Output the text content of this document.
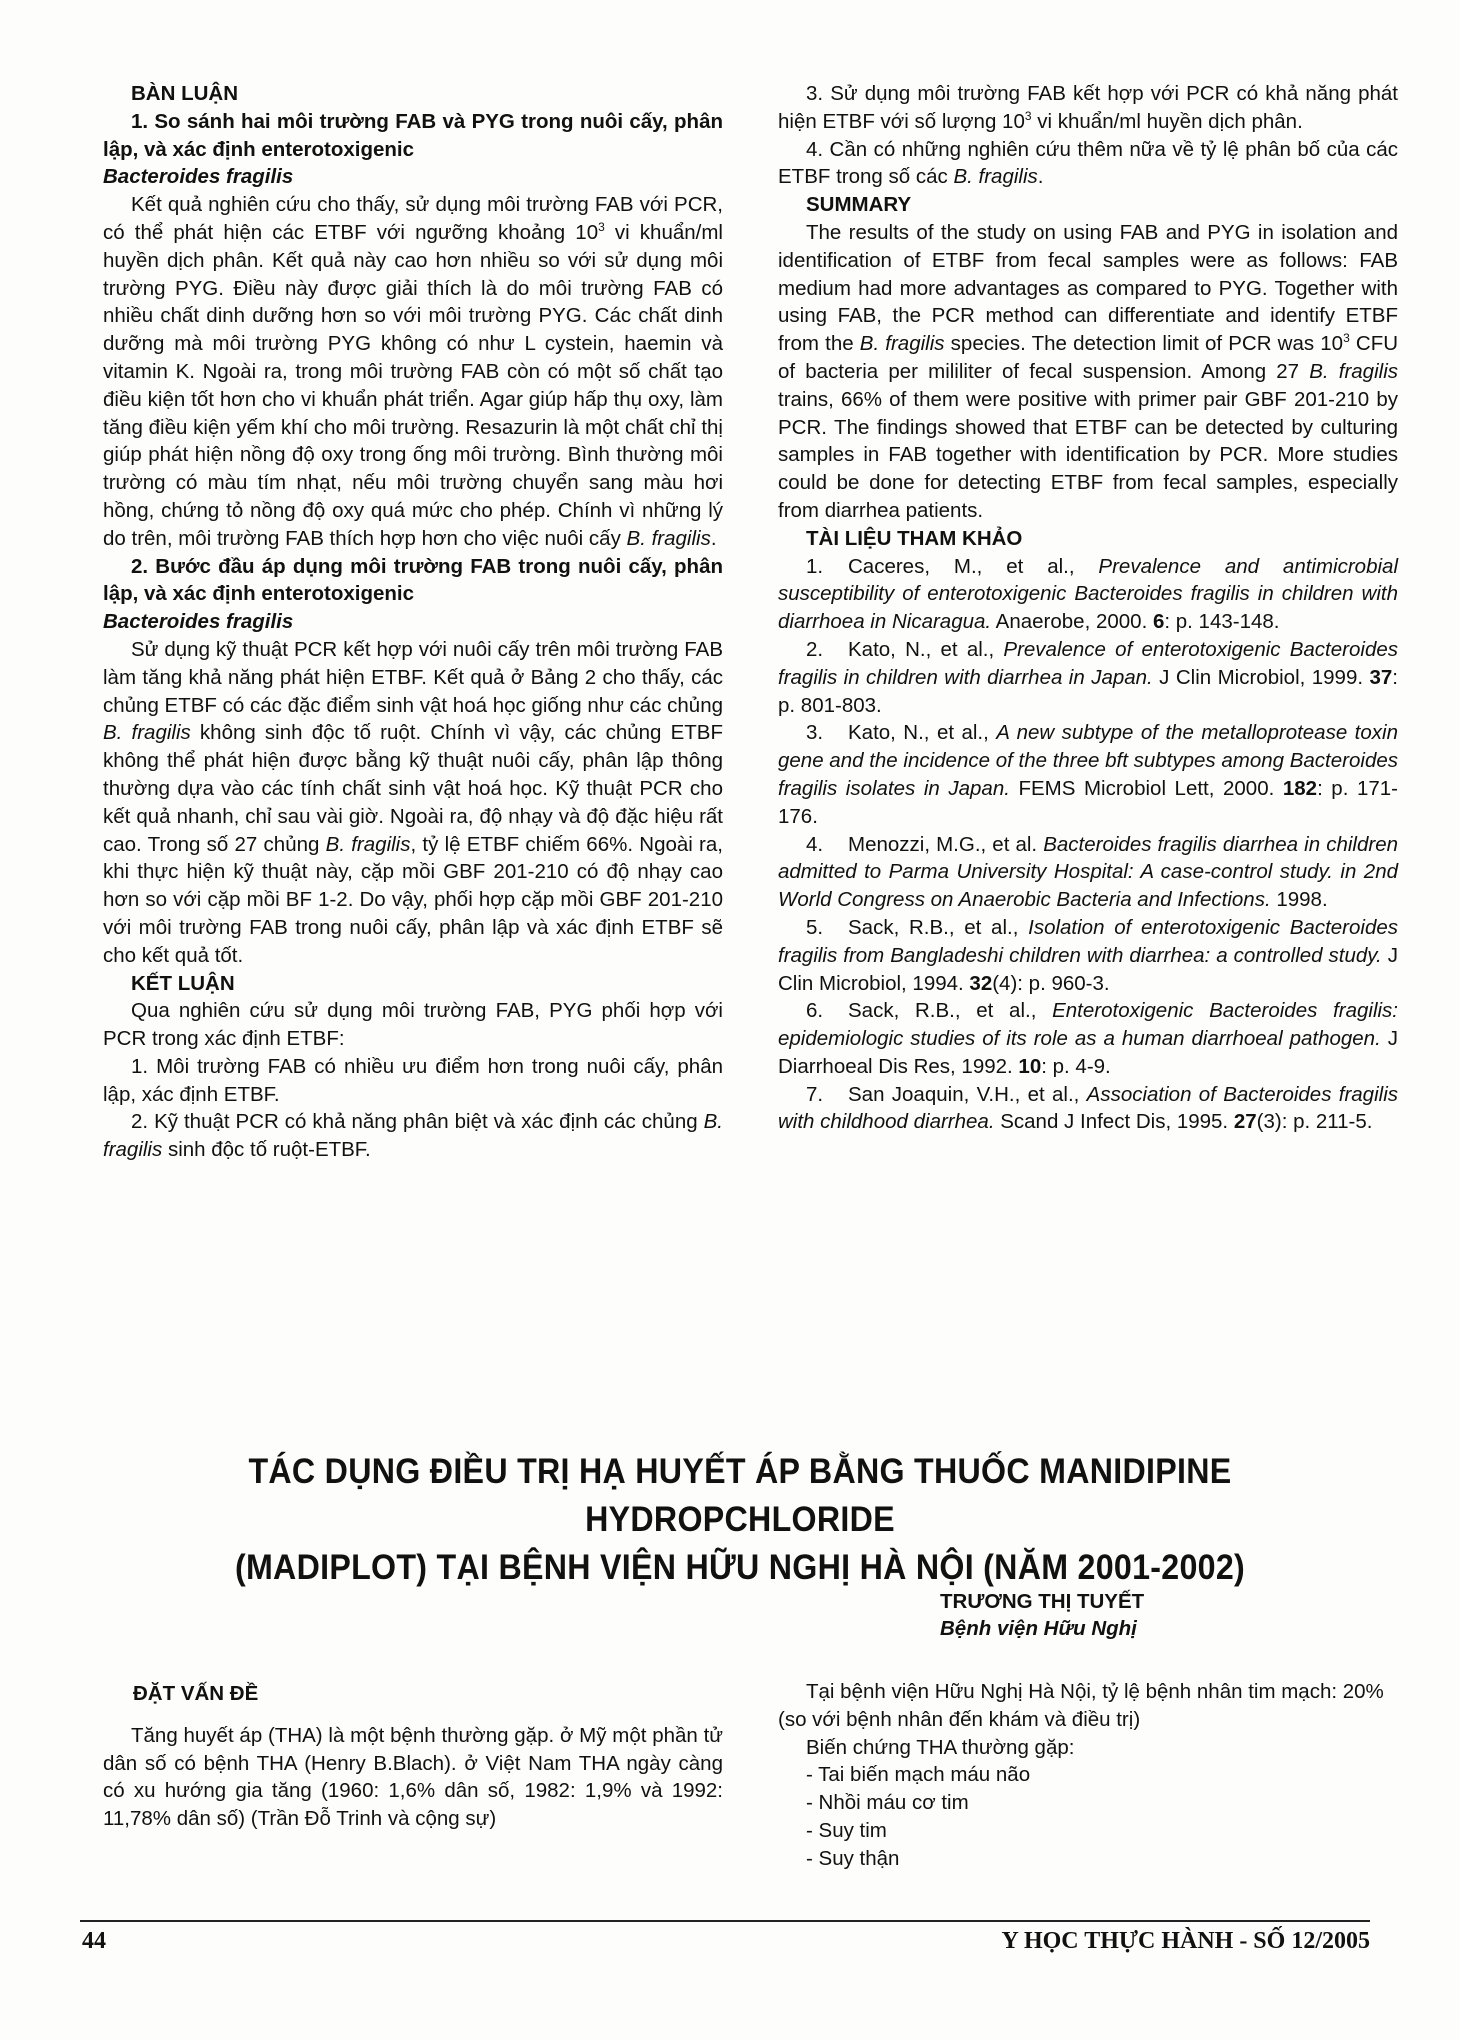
BÀN LUẬN

1. So sánh hai môi trường FAB và PYG trong nuôi cấy, phân lập, và xác định enterotoxigenic
Bacteroides fragilis

Kết quả nghiên cứu cho thấy, sử dụng môi trường FAB với PCR, có thể phát hiện các ETBF với ngưỡng khoảng $10^3$ vi khuẩn/ml huyền dịch phân. Kết quả này cao hơn nhiều so với sử dụng môi trường PYG. Điều này được giải thích là do môi trường FAB có nhiều chất dinh dưỡng hơn so với môi trường PYG. Các chất dinh dưỡng mà môi trường PYG không có như L cystein, haemin và vitamin K. Ngoài ra, trong môi trường FAB còn có một số chất tạo điều kiện tốt hơn cho vi khuẩn phát triển. Agar giúp hấp thụ oxy, làm tăng điều kiện yếm khí cho môi trường. Resazurin là một chất chỉ thị giúp phát hiện nồng độ oxy trong ống môi trường. Bình thường môi trường có màu tím nhạt, nếu môi trường chuyển sang màu hơi hồng, chứng tỏ nồng độ oxy quá mức cho phép. Chính vì những lý do trên, môi trường FAB thích hợp hơn cho việc nuôi cấy B. fragilis.

2. Bước đầu áp dụng môi trường FAB trong nuôi cấy, phân lập, và xác định enterotoxigenic
Bacteroides fragilis

Sử dụng kỹ thuật PCR kết hợp với nuôi cấy trên môi trường FAB làm tăng khả năng phát hiện ETBF. Kết quả ở Bảng 2 cho thấy, các chủng ETBF có các đặc điểm sinh vật hoá học giống như các chủng B. fragilis không sinh độc tố ruột. Chính vì vậy, các chủng ETBF không thể phát hiện được bằng kỹ thuật nuôi cấy, phân lập thông thường dựa vào các tính chất sinh vật hoá học. Kỹ thuật PCR cho kết quả nhanh, chỉ sau vài giờ. Ngoài ra, độ nhạy và độ đặc hiệu rất cao. Trong số 27 chủng B. fragilis, tỷ lệ ETBF chiếm 66%. Ngoài ra, khi thực hiện kỹ thuật này, cặp mồi GBF 201-210 có độ nhạy cao hơn so với cặp mồi BF 1-2. Do vậy, phối hợp cặp mồi GBF 201-210 với môi trường FAB trong nuôi cấy, phân lập và xác định ETBF sẽ cho kết quả tốt.

KẾT LUẬN

Qua nghiên cứu sử dụng môi trường FAB, PYG phối hợp với PCR trong xác định ETBF:

1. Môi trường FAB có nhiều ưu điểm hơn trong nuôi cấy, phân lập, xác định ETBF.

2. Kỹ thuật PCR có khả năng phân biệt và xác định các chủng B. fragilis sinh độc tố ruột-ETBF.

3. Sử dụng môi trường FAB kết hợp với PCR có khả năng phát hiện ETBF với số lượng $10^3$ vi khuẩn/ml huyền dịch phân.

4. Cần có những nghiên cứu thêm nữa về tỷ lệ phân bố của các ETBF trong số các B. fragilis.

SUMMARY

The results of the study on using FAB and PYG in isolation and identification of ETBF from fecal samples were as follows: FAB medium had more advantages as compared to PYG. Together with using FAB, the PCR method can differentiate and identify ETBF from the B. fragilis species. The detection limit of PCR was $10^3$ CFU of bacteria per mililiter of fecal suspension. Among 27 B. fragilis trains, 66% of them were positive with primer pair GBF 201-210 by PCR. The findings showed that ETBF can be detected by culturing samples in FAB together with identification by PCR. More studies could be done for detecting ETBF from fecal samples, especially from diarrhea patients.

TÀI LIỆU THAM KHẢO

1. Caceres, M., et al., Prevalence and antimicrobial susceptibility of enterotoxigenic Bacteroides fragilis in children with diarrhoea in Nicaragua. Anaerobe, 2000. 6: p. 143-148.

2. Kato, N., et al., Prevalence of enterotoxigenic Bacteroides fragilis in children with diarrhea in Japan. J Clin Microbiol, 1999. 37: p. 801-803.

3. Kato, N., et al., A new subtype of the metalloprotease toxin gene and the incidence of the three bft subtypes among Bacteroides fragilis isolates in Japan. FEMS Microbiol Lett, 2000. 182: p. 171-176.

4. Menozzi, M.G., et al. Bacteroides fragilis diarrhea in children admitted to Parma University Hospital: A case-control study. in 2nd World Congress on Anaerobic Bacteria and Infections. 1998.

5. Sack, R.B., et al., Isolation of enterotoxigenic Bacteroides fragilis from Bangladeshi children with diarrhea: a controlled study. J Clin Microbiol, 1994. 32(4): p. 960-3.

6. Sack, R.B., et al., Enterotoxigenic Bacteroides fragilis: epidemiologic studies of its role as a human diarrhoeal pathogen. J Diarrhoeal Dis Res, 1992. 10: p. 4-9.

7. San Joaquin, V.H., et al., Association of Bacteroides fragilis with childhood diarrhea. Scand J Infect Dis, 1995. 27(3): p. 211-5.

TÁC DỤNG ĐIỀU TRỊ HẠ HUYẾT ÁP BẰNG THUỐC MANIDIPINE HYDROPCHLORIDE
(MADIPLOT) TẠI BỆNH VIỆN HỮU NGHỊ HÀ NỘI (NĂM 2001-2002)
TRƯƠNG THỊ TUYẾT
Bệnh viện Hữu Nghị
ĐẶT VẤN ĐỀ

Tăng huyết áp (THA) là một bệnh thường gặp. ở Mỹ một phần tử dân số có bệnh THA (Henry B.Blach). ở Việt Nam THA ngày càng có xu hướng gia tăng (1960: 1,6% dân số, 1982: 1,9% và 1992: 11,78% dân số) (Trần Đỗ Trinh và cộng sự)

Tại bệnh viện Hữu Nghị Hà Nội, tỷ lệ bệnh nhân tim mạch: 20% (so với bệnh nhân đến khám và điều trị)

Biến chứng THA thường gặp:

- Tai biến mạch máu não
- Nhồi máu cơ tim
- Suy tim
- Suy thận
44	Y HỌC THỰC HÀNH - SỐ 12/2005
